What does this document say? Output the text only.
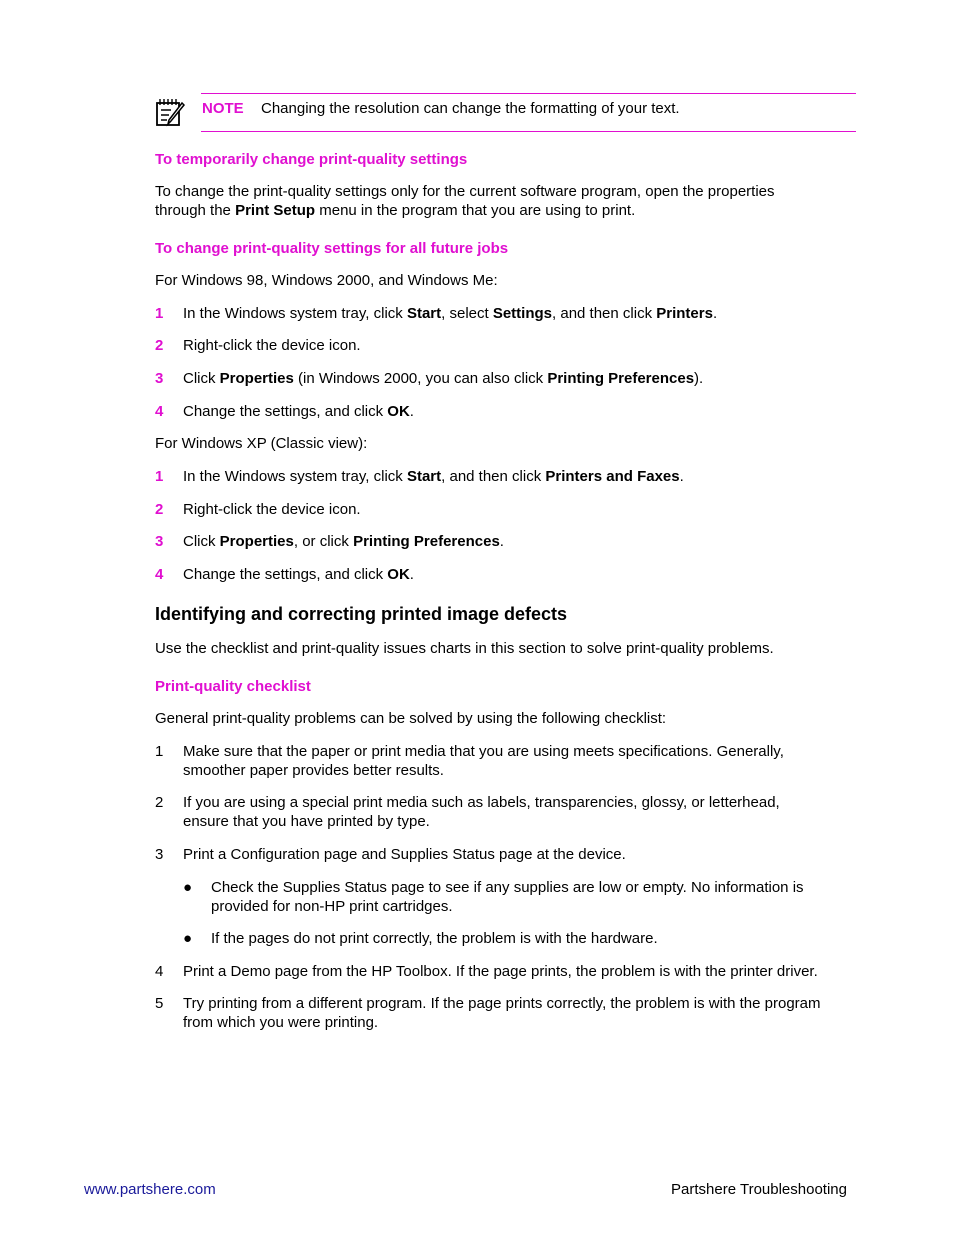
NOTE Changing the resolution can change the formatting of your text.
To temporarily change print-quality settings

To change the print-quality settings only for the current software program, open the properties
through the Print Setup menu in the program that you are using to print.

To change print-quality settings for all future jobs

For Windows 98, Windows 2000, and Windows Me:

1	In the Windows system tray, click Start, select Settings, and then click Printers.
2	Right-click the device icon.
3	Click Properties (in Windows 2000, you can also click Printing Preferences).
4	Change the settings, and click OK.

For Windows XP (Classic view):

1	In the Windows system tray, click Start, and then click Printers and Faxes.
2	Right-click the device icon.
3	Click Properties, or click Printing Preferences.
4	Change the settings, and click OK.
Identifying and correcting printed image defects

Use the checklist and print-quality issues charts in this section to solve print-quality problems.

Print-quality checklist

General print-quality problems can be solved by using the following checklist:

1	Make sure that the paper or print media that you are using meets specifications. Generally,
smoother paper provides better results.
2	If you are using a special print media such as labels, transparencies, glossy, or letterhead,
ensure that you have printed by type.
3	Print a Configuration page and Supplies Status page at the device.
● Check the Supplies Status page to see if any supplies are low or empty. No information is
provided for non-HP print cartridges.
● If the pages do not print correctly, the problem is with the hardware.
4	Print a Demo page from the HP Toolbox. If the page prints, the problem is with the printer driver.
5	Try printing from a different program. If the page prints correctly, the problem is with the program
from which you were printing.
www.partshere.com	Partshere Troubleshooting
